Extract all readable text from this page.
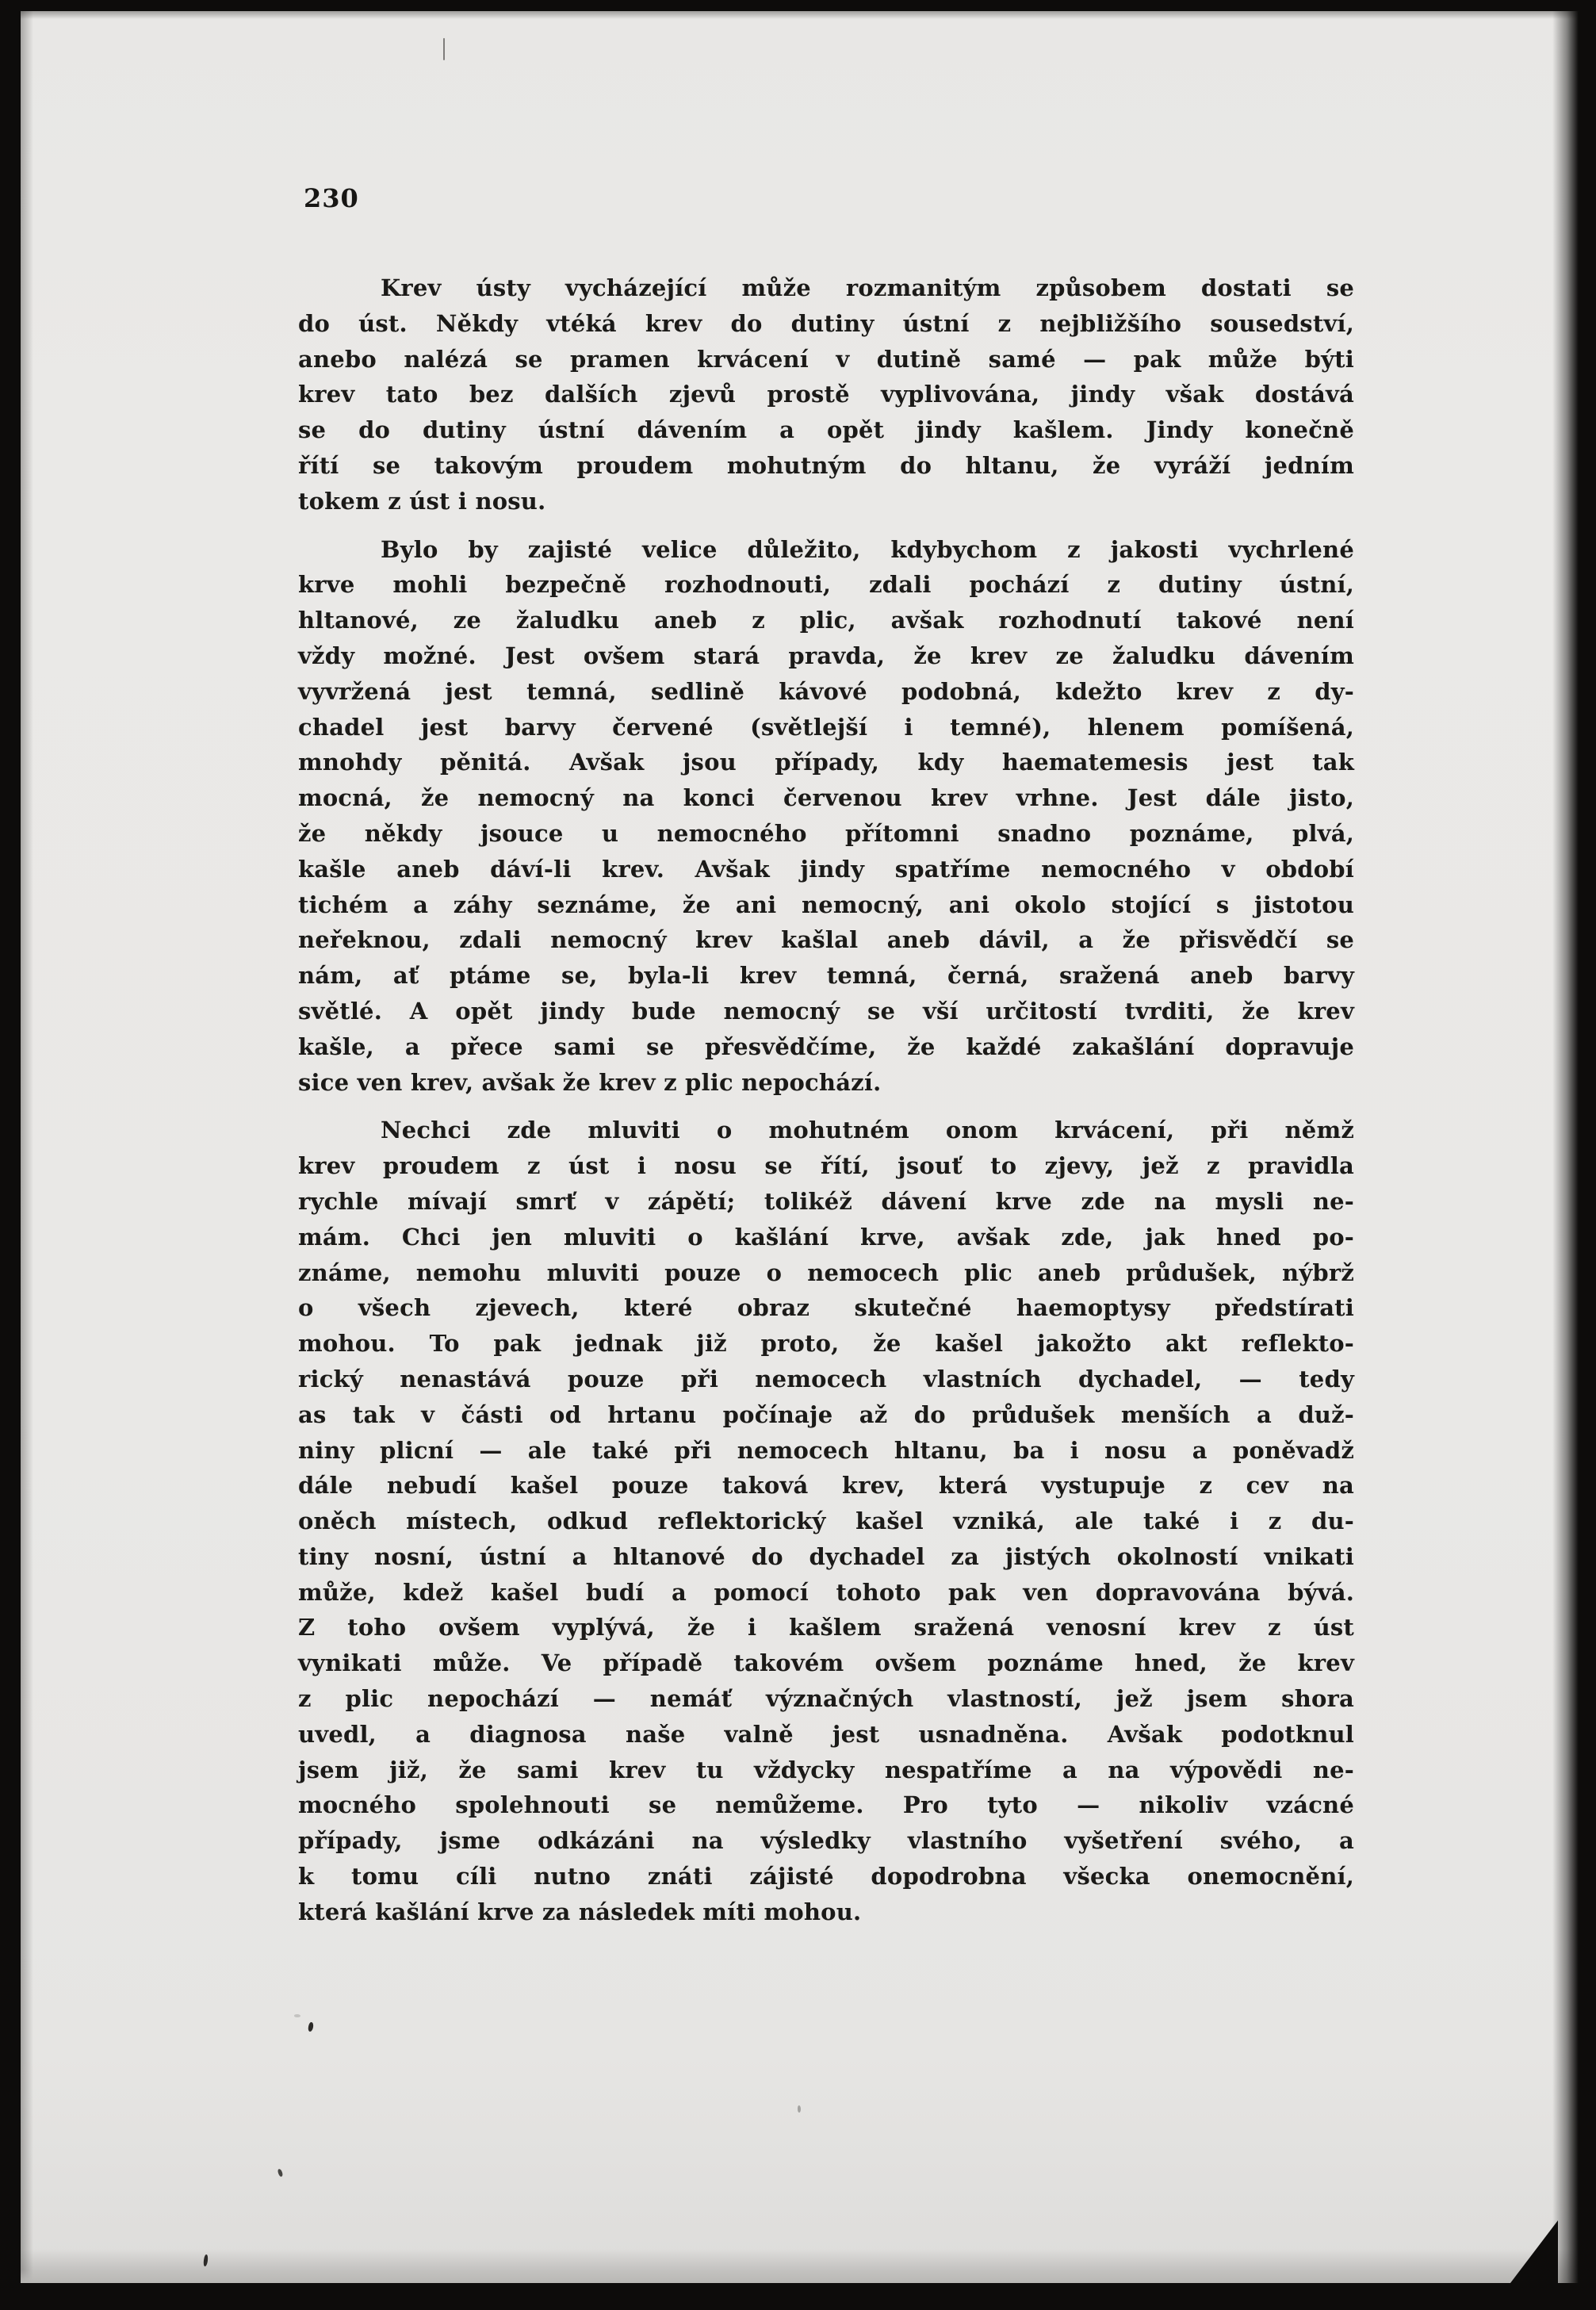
230

Krev ústy vycházející může rozmanitým způsobem dostati se
do úst. Někdy vtéká krev do dutiny ústní z nejbližšího sousedství,
anebo nalézá se pramen krvácení v dutině samé — pak může býti
krev tato bez dalších zjevů prostě vyplivována, jindy však dostává
se do dutiny ústní dávením a opět jindy kašlem. Jindy konečně
řítí se takovým proudem mohutným do hltanu, že vyráží jedním
tokem z úst i nosu.

Bylo by zajisté velice důležito, kdybychom z jakosti vychrlené
krve mohli bezpečně rozhodnouti, zdali pochází z dutiny ústní,
hltanové, ze žaludku aneb z plic, avšak rozhodnutí takové není
vždy možné. Jest ovšem stará pravda, že krev ze žaludku dávením
vyvržená jest temná, sedlině kávové podobná, kdežto krev z dy-
chadel jest barvy červené (světlejší i temné), hlenem pomíšená,
mnohdy pěnitá. Avšak jsou případy, kdy haematemesis jest tak
mocná, že nemocný na konci červenou krev vrhne. Jest dále jisto,
že někdy jsouce u nemocného přítomni snadno poznáme, plvá,
kašle aneb dáví-li krev. Avšak jindy spatříme nemocného v období
tichém a záhy seznáme, že ani nemocný, ani okolo stojící s jistotou
neřeknou, zdali nemocný krev kašlal aneb dávil, a že přisvědčí se
nám, ať ptáme se, byla-li krev temná, černá, sražená aneb barvy
světlé. A opět jindy bude nemocný se vší určitostí tvrditi, že krev
kašle, a přece sami se přesvědčíme, že každé zakašlání dopravuje
sice ven krev, avšak že krev z plic nepochází.

Nechci zde mluviti o mohutném onom krvácení, při němž
krev proudem z úst i nosu se řítí, jsouť to zjevy, jež z pravidla
rychle mívají smrť v zápětí; tolikéž dávení krve zde na mysli ne-
mám. Chci jen mluviti o kašlání krve, avšak zde, jak hned po-
známe, nemohu mluviti pouze o nemocech plic aneb průdušek, nýbrž
o všech zjevech, které obraz skutečné haemoptysy předstírati
mohou. To pak jednak již proto, že kašel jakožto akt reflekto-
rický nenastává pouze při nemocech vlastních dychadel, — tedy
as tak v části od hrtanu počínaje až do průdušek menších a duž-
niny plicní — ale také při nemocech hltanu, ba i nosu a poněvadž
dále nebudí kašel pouze taková krev, která vystupuje z cev na
oněch místech, odkud reflektorický kašel vzniká, ale také i z du-
tiny nosní, ústní a hltanové do dychadel za jistých okolností vnikati
může, kdež kašel budí a pomocí tohoto pak ven dopravována bývá.
Z toho ovšem vyplývá, že i kašlem sražená venosní krev z úst
vynikati může. Ve případě takovém ovšem poznáme hned, že krev
z plic nepochází — nemáť význačných vlastností, jež jsem shora
uvedl, a diagnosa naše valně jest usnadněna. Avšak podotknul
jsem již, že sami krev tu vždycky nespatříme a na výpovědi ne-
mocného spolehnouti se nemůžeme. Pro tyto — nikoliv vzácné
případy, jsme odkázáni na výsledky vlastního vyšetření svého, a
k tomu cíli nutno znáti zájisté dopodrobna všecka onemocnění,
která kašlání krve za následek míti mohou.
